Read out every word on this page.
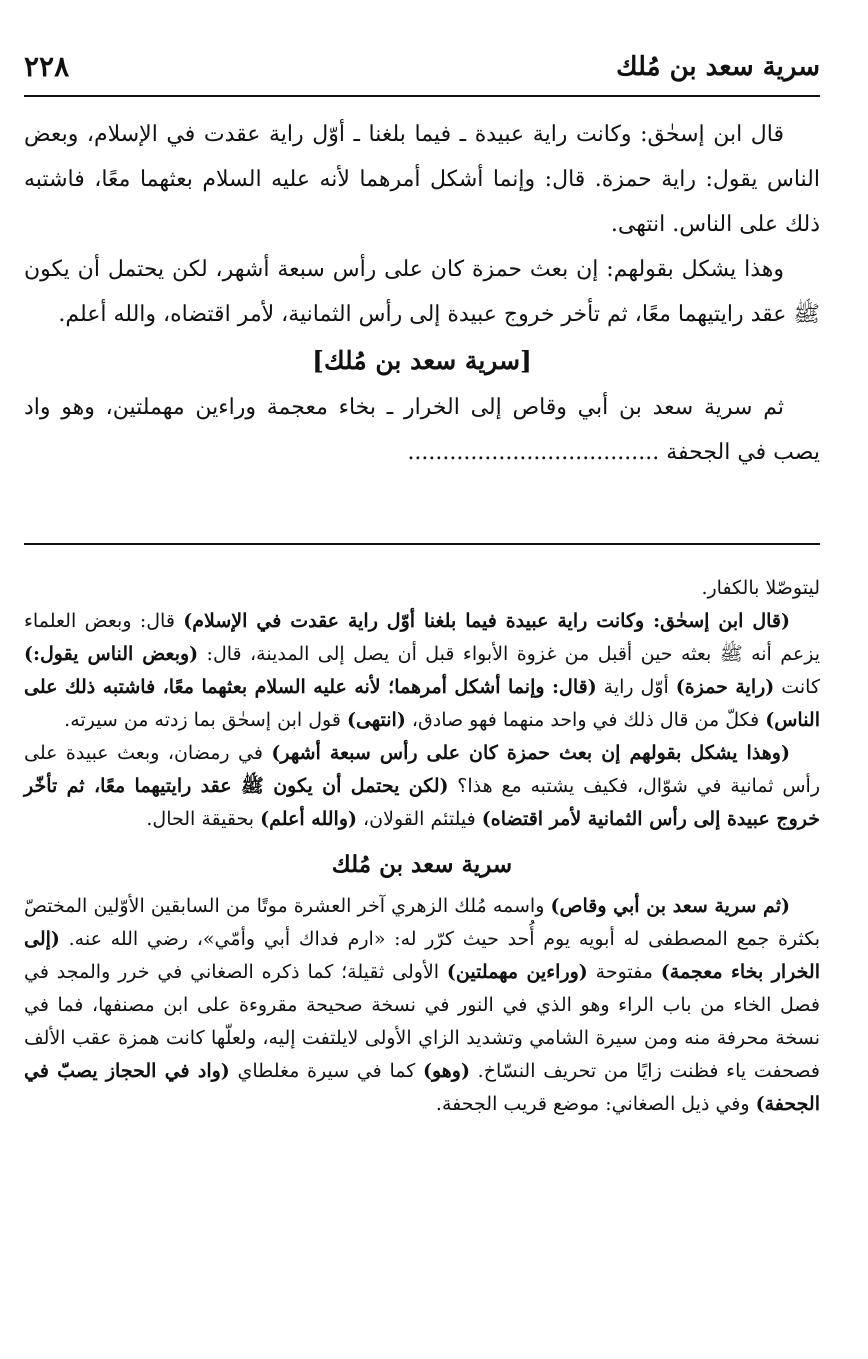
سرية سعد بن مُلك
٢٢٨

قال ابن إسحٰق: وكانت راية عبيدة ـ فيما بلغنا ـ أوّل راية عقدت في الإسلام، وبعض الناس يقول: راية حمزة. قال: وإنما أشكل أمرهما لأنه عليه السلام بعثهما معًا، فاشتبه ذلك على الناس. انتهى.

وهذا يشكل بقولهم: إن بعث حمزة كان على رأس سبعة أشهر، لكن يحتمل أن يكون ﷺ عقد رايتيهما معًا، ثم تأخر خروج عبيدة إلى رأس الثمانية، لأمر اقتضاه، والله أعلم.

[سرية سعد بن مُلك]

ثم سرية سعد بن أبي وقاص إلى الخرار ـ بخاء معجمة وراءين مهملتين، وهو واد يصب في الجحفة ....................................

ليتوصّلا بالكفار.

(قال ابن إسحٰق: وكانت راية عبيدة فيما بلغنا أوّل راية عقدت في الإسلام) قال: وبعض العلماء يزعم أنه ﷺ بعثه حين أقبل من غزوة الأبواء قبل أن يصل إلى المدينة، قال: (وبعض الناس يقول:) كانت (راية حمزة) أوّل راية (قال: وإنما أشكل أمرهما؛ لأنه عليه السلام بعثهما معًا، فاشتبه ذلك على الناس) فكلّ من قال ذلك في واحد منهما فهو صادق، (انتهى) قول ابن إسحٰق بما زدته من سيرته.

(وهذا يشكل بقولهم إن بعث حمزة كان على رأس سبعة أشهر) في رمضان، وبعث عبيدة على رأس ثمانية في شوّال، فكيف يشتبه مع هذا؟ (لكن يحتمل أن يكون ﷺ عقد رايتيهما معًا، ثم تأخّر خروج عبيدة إلى رأس الثمانية لأمر اقتضاه) فيلتئم القولان، (والله أعلم) بحقيقة الحال.

سرية سعد بن مُلك

(ثم سرية سعد بن أبي وقاص) واسمه مُلك الزهري آخر العشرة موتًا من السابقين الأوّلين المختصّ بكثرة جمع المصطفى له أبويه يوم أُحد حيث كرّر له: «ارم فداك أبي وأمّي»، رضي الله عنه. (إلى الخرار بخاء معجمة) مفتوحة (وراءين مهملتين) الأولى ثقيلة؛ كما ذكره الصغاني في خرر والمجد في فصل الخاء من باب الراء وهو الذي في النور في نسخة صحيحة مقروءة على ابن مصنفها، فما في نسخة محرفة منه ومن سيرة الشامي وتشديد الزاي الأولى لايلتفت إليه، ولعلّها كانت همزة عقب الألف فصحفت ياء فظنت زايًا من تحريف النسّاخ. (وهو) كما في سيرة مغلطاي (واد في الحجاز يصبّ في الجحفة) وفي ذيل الصغاني: موضع قريب الجحفة.
